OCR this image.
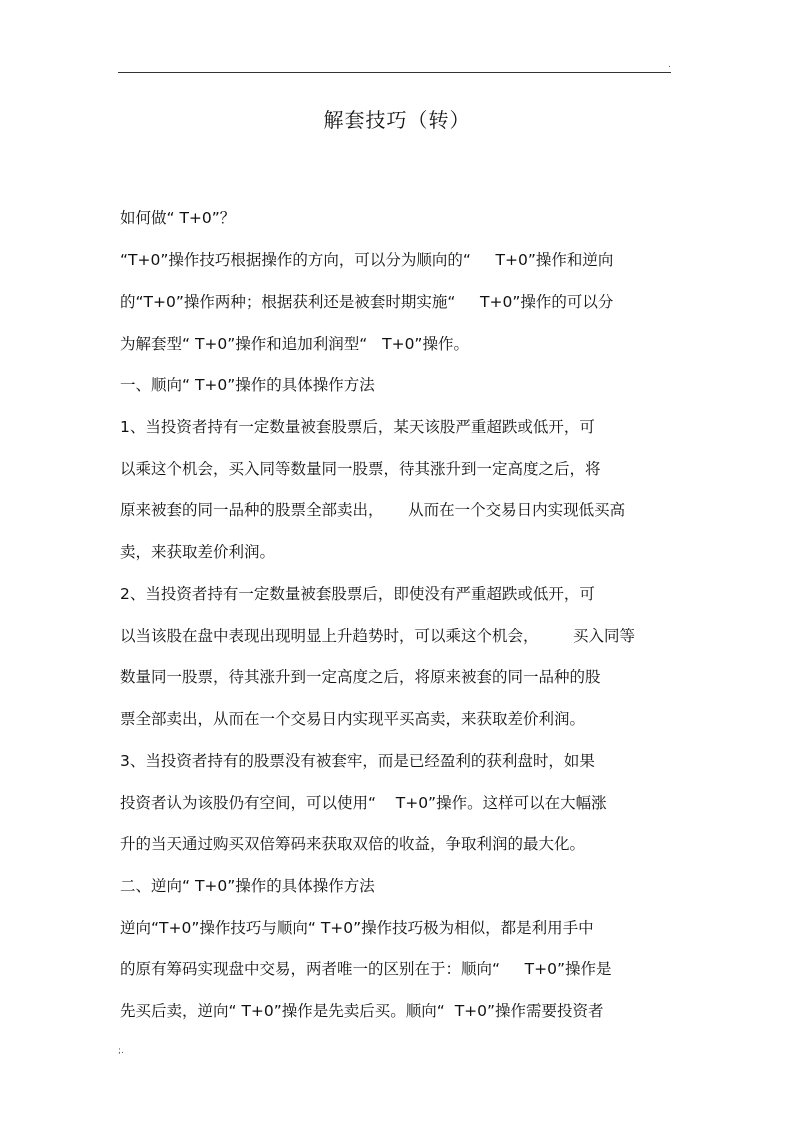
.
解套技巧（转）
如何做“ T+0”？
“T+0”操作技巧根据操作的方向，可以分为顺向的“     T+0”操作和逆向
的“T+0”操作两种；根据获利还是被套时期实施“     T+0”操作的可以分
为解套型“ T+0”操作和追加利润型“   T+0”操作。
一、顺向“ T+0”操作的具体操作方法
1、当投资者持有一定数量被套股票后，某天该股严重超跌或低开，可
以乘这个机会，买入同等数量同一股票，待其涨升到一定高度之后，将
原来被套的同一品种的股票全部卖出，     从而在一个交易日内实现低买高
卖，来获取差价利润。
2、当投资者持有一定数量被套股票后，即使没有严重超跌或低开，可
以当该股在盘中表现出现明显上升趋势时，可以乘这个机会，       买入同等
数量同一股票，待其涨升到一定高度之后，将原来被套的同一品种的股
票全部卖出，从而在一个交易日内实现平买高卖，来获取差价利润。
3、当投资者持有的股票没有被套牢，而是已经盈利的获利盘时，如果
投资者认为该股仍有空间，可以使用“    T+0”操作。这样可以在大幅涨
升的当天通过购买双倍筹码来获取双倍的收益，争取利润的最大化。
二、逆向“ T+0”操作的具体操作方法
逆向“T+0”操作技巧与顺向“ T+0”操作技巧极为相似，都是利用手中
的原有筹码实现盘中交易，两者唯一的区别在于：顺向“     T+0”操作是
先买后卖，逆向“ T+0”操作是先卖后买。顺向“  T+0”操作需要投资者
;.
